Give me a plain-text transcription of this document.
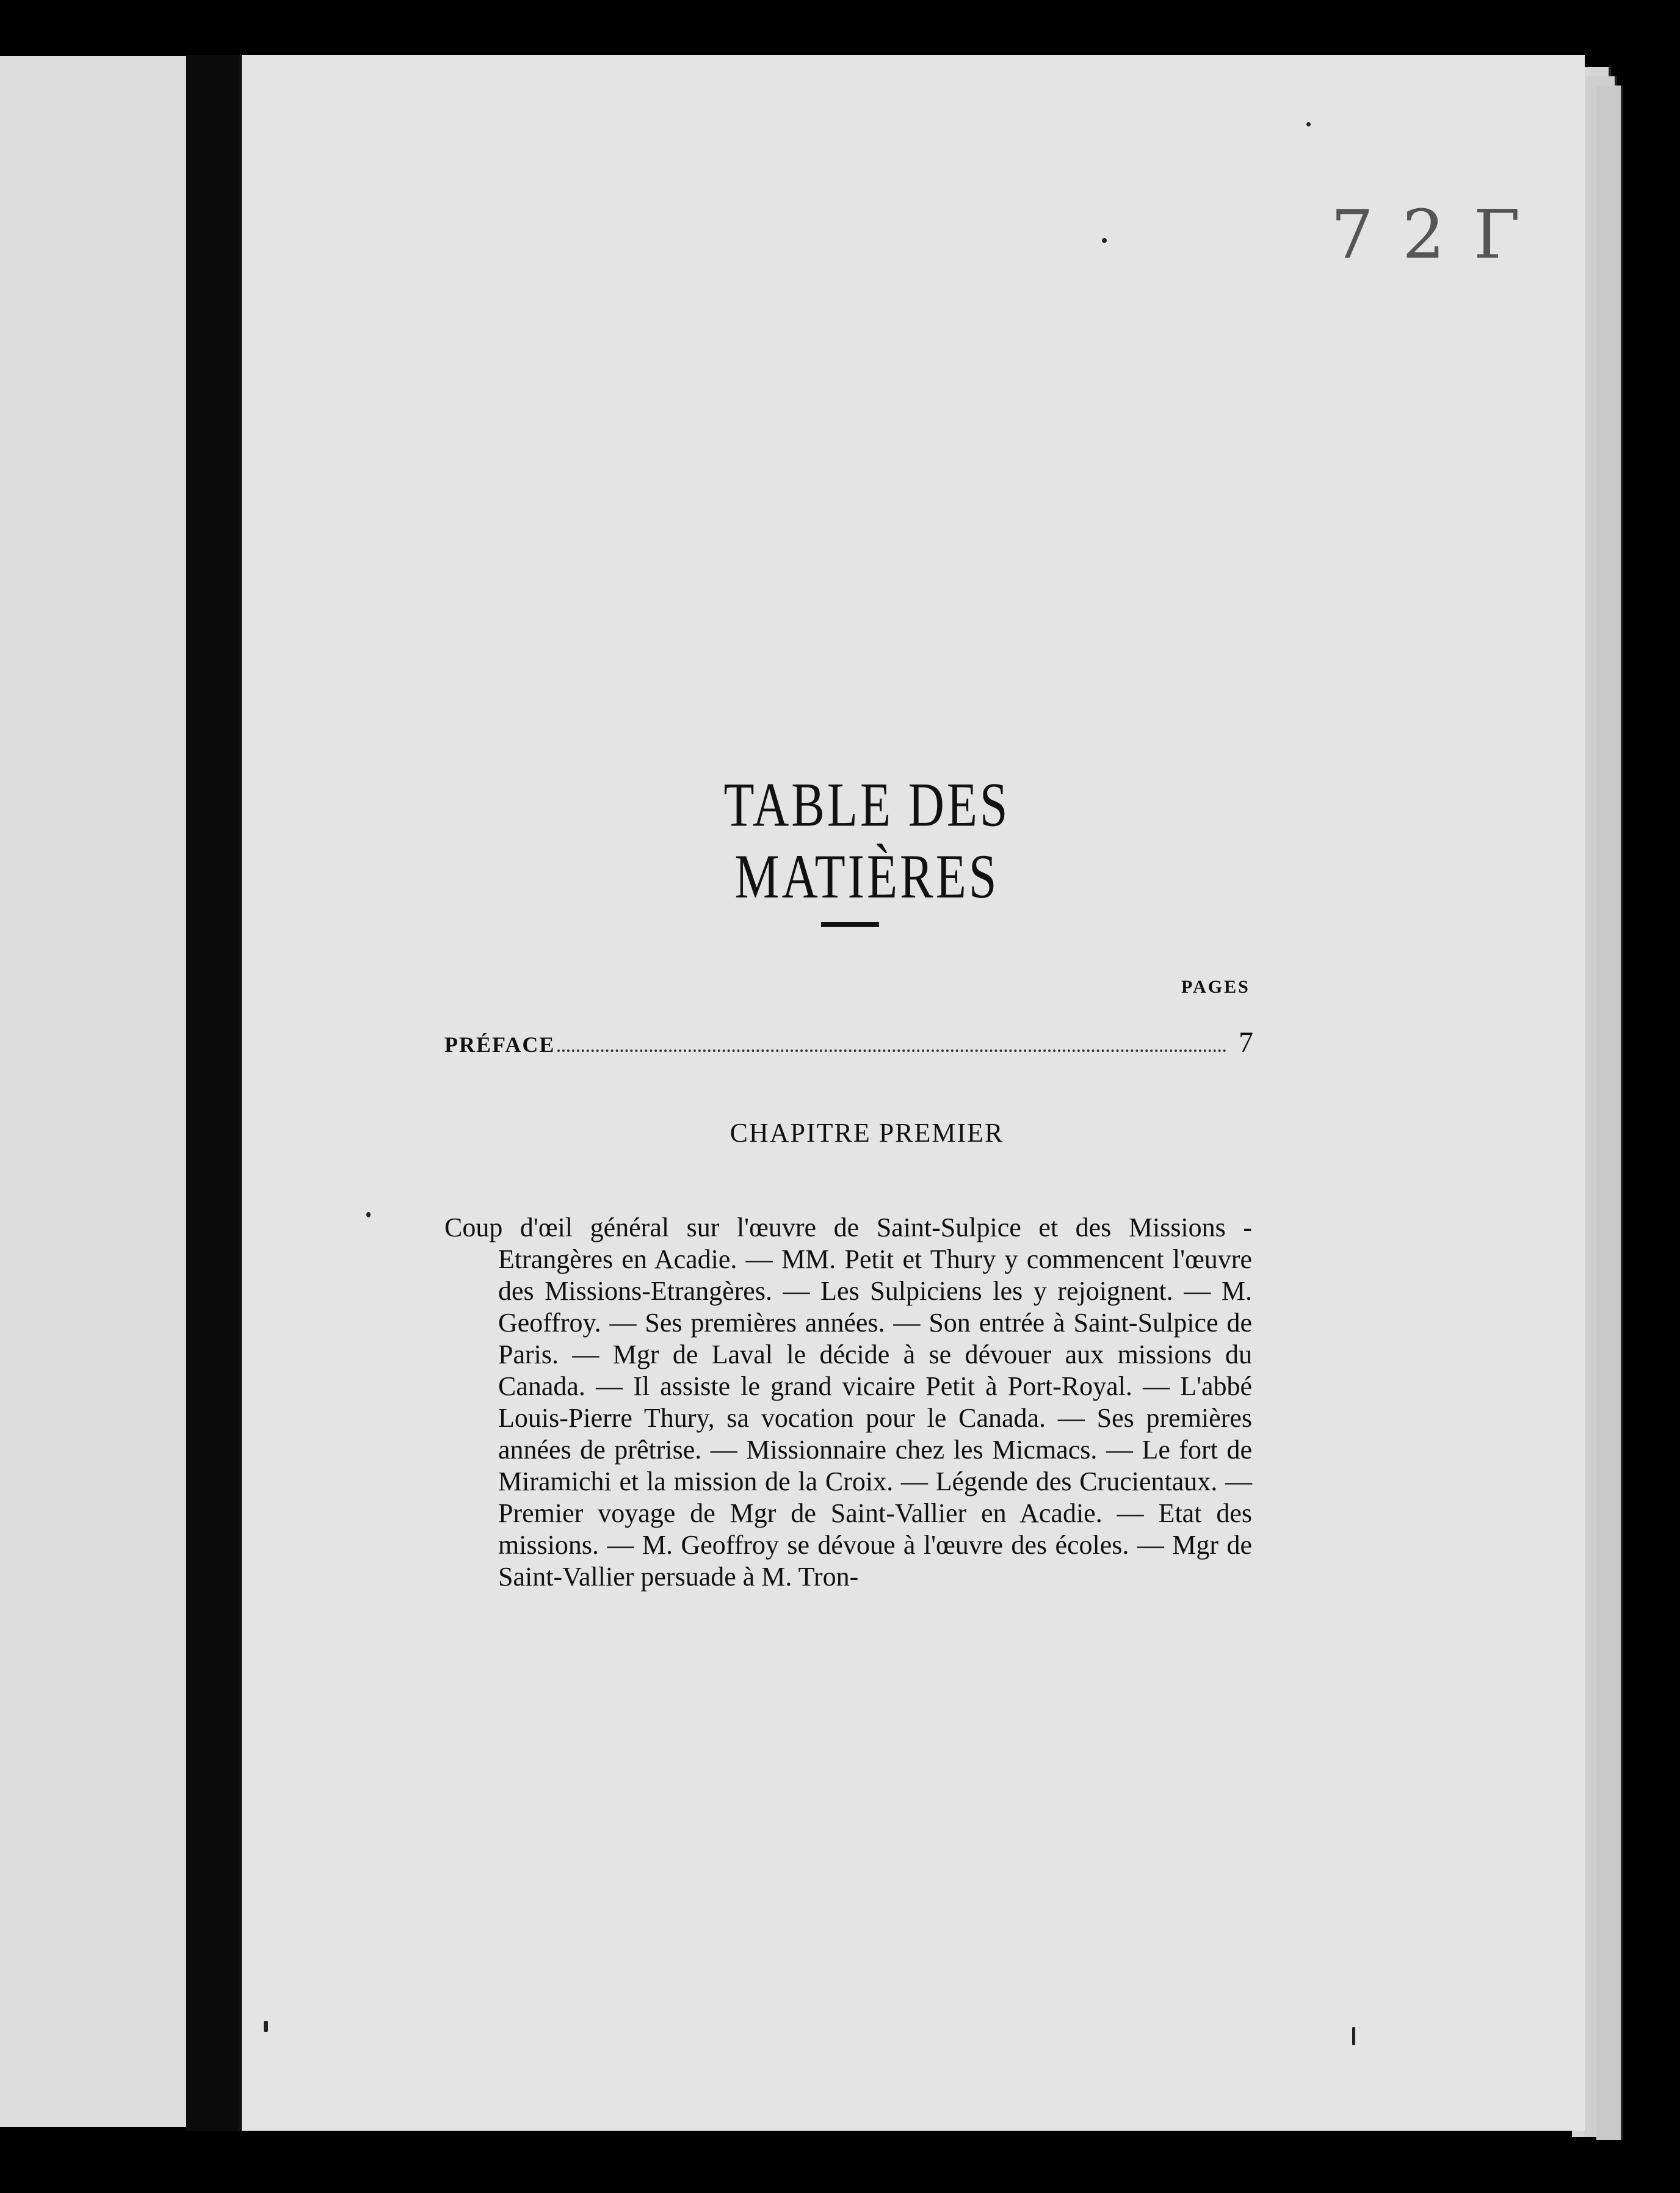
7 2 Γ
TABLE DES MATIÈRES
PAGES
PRÉFACE	7
CHAPITRE PREMIER

Coup d'œil général sur l'œuvre de Saint-Sulpice et des Missions - Etrangères en Acadie. — MM. Petit et Thury y commencent l'œuvre des Missions-Etrangères. — Les Sulpiciens les y rejoignent. — M. Geoffroy. — Ses premières années. — Son entrée à Saint-Sulpice de Paris. — Mgr de Laval le décide à se dévouer aux missions du Canada. — Il assiste le grand vicaire Petit à Port-Royal. — L'abbé Louis-Pierre Thury, sa vocation pour le Canada. — Ses premières années de prêtrise. — Missionnaire chez les Micmacs. — Le fort de Miramichi et la mission de la Croix. — Légende des Crucientaux. — Premier voyage de Mgr de Saint-Vallier en Acadie. — Etat des missions. — M. Geoffroy se dévoue à l'œuvre des écoles. — Mgr de Saint-Vallier persuade à M. Tron-
